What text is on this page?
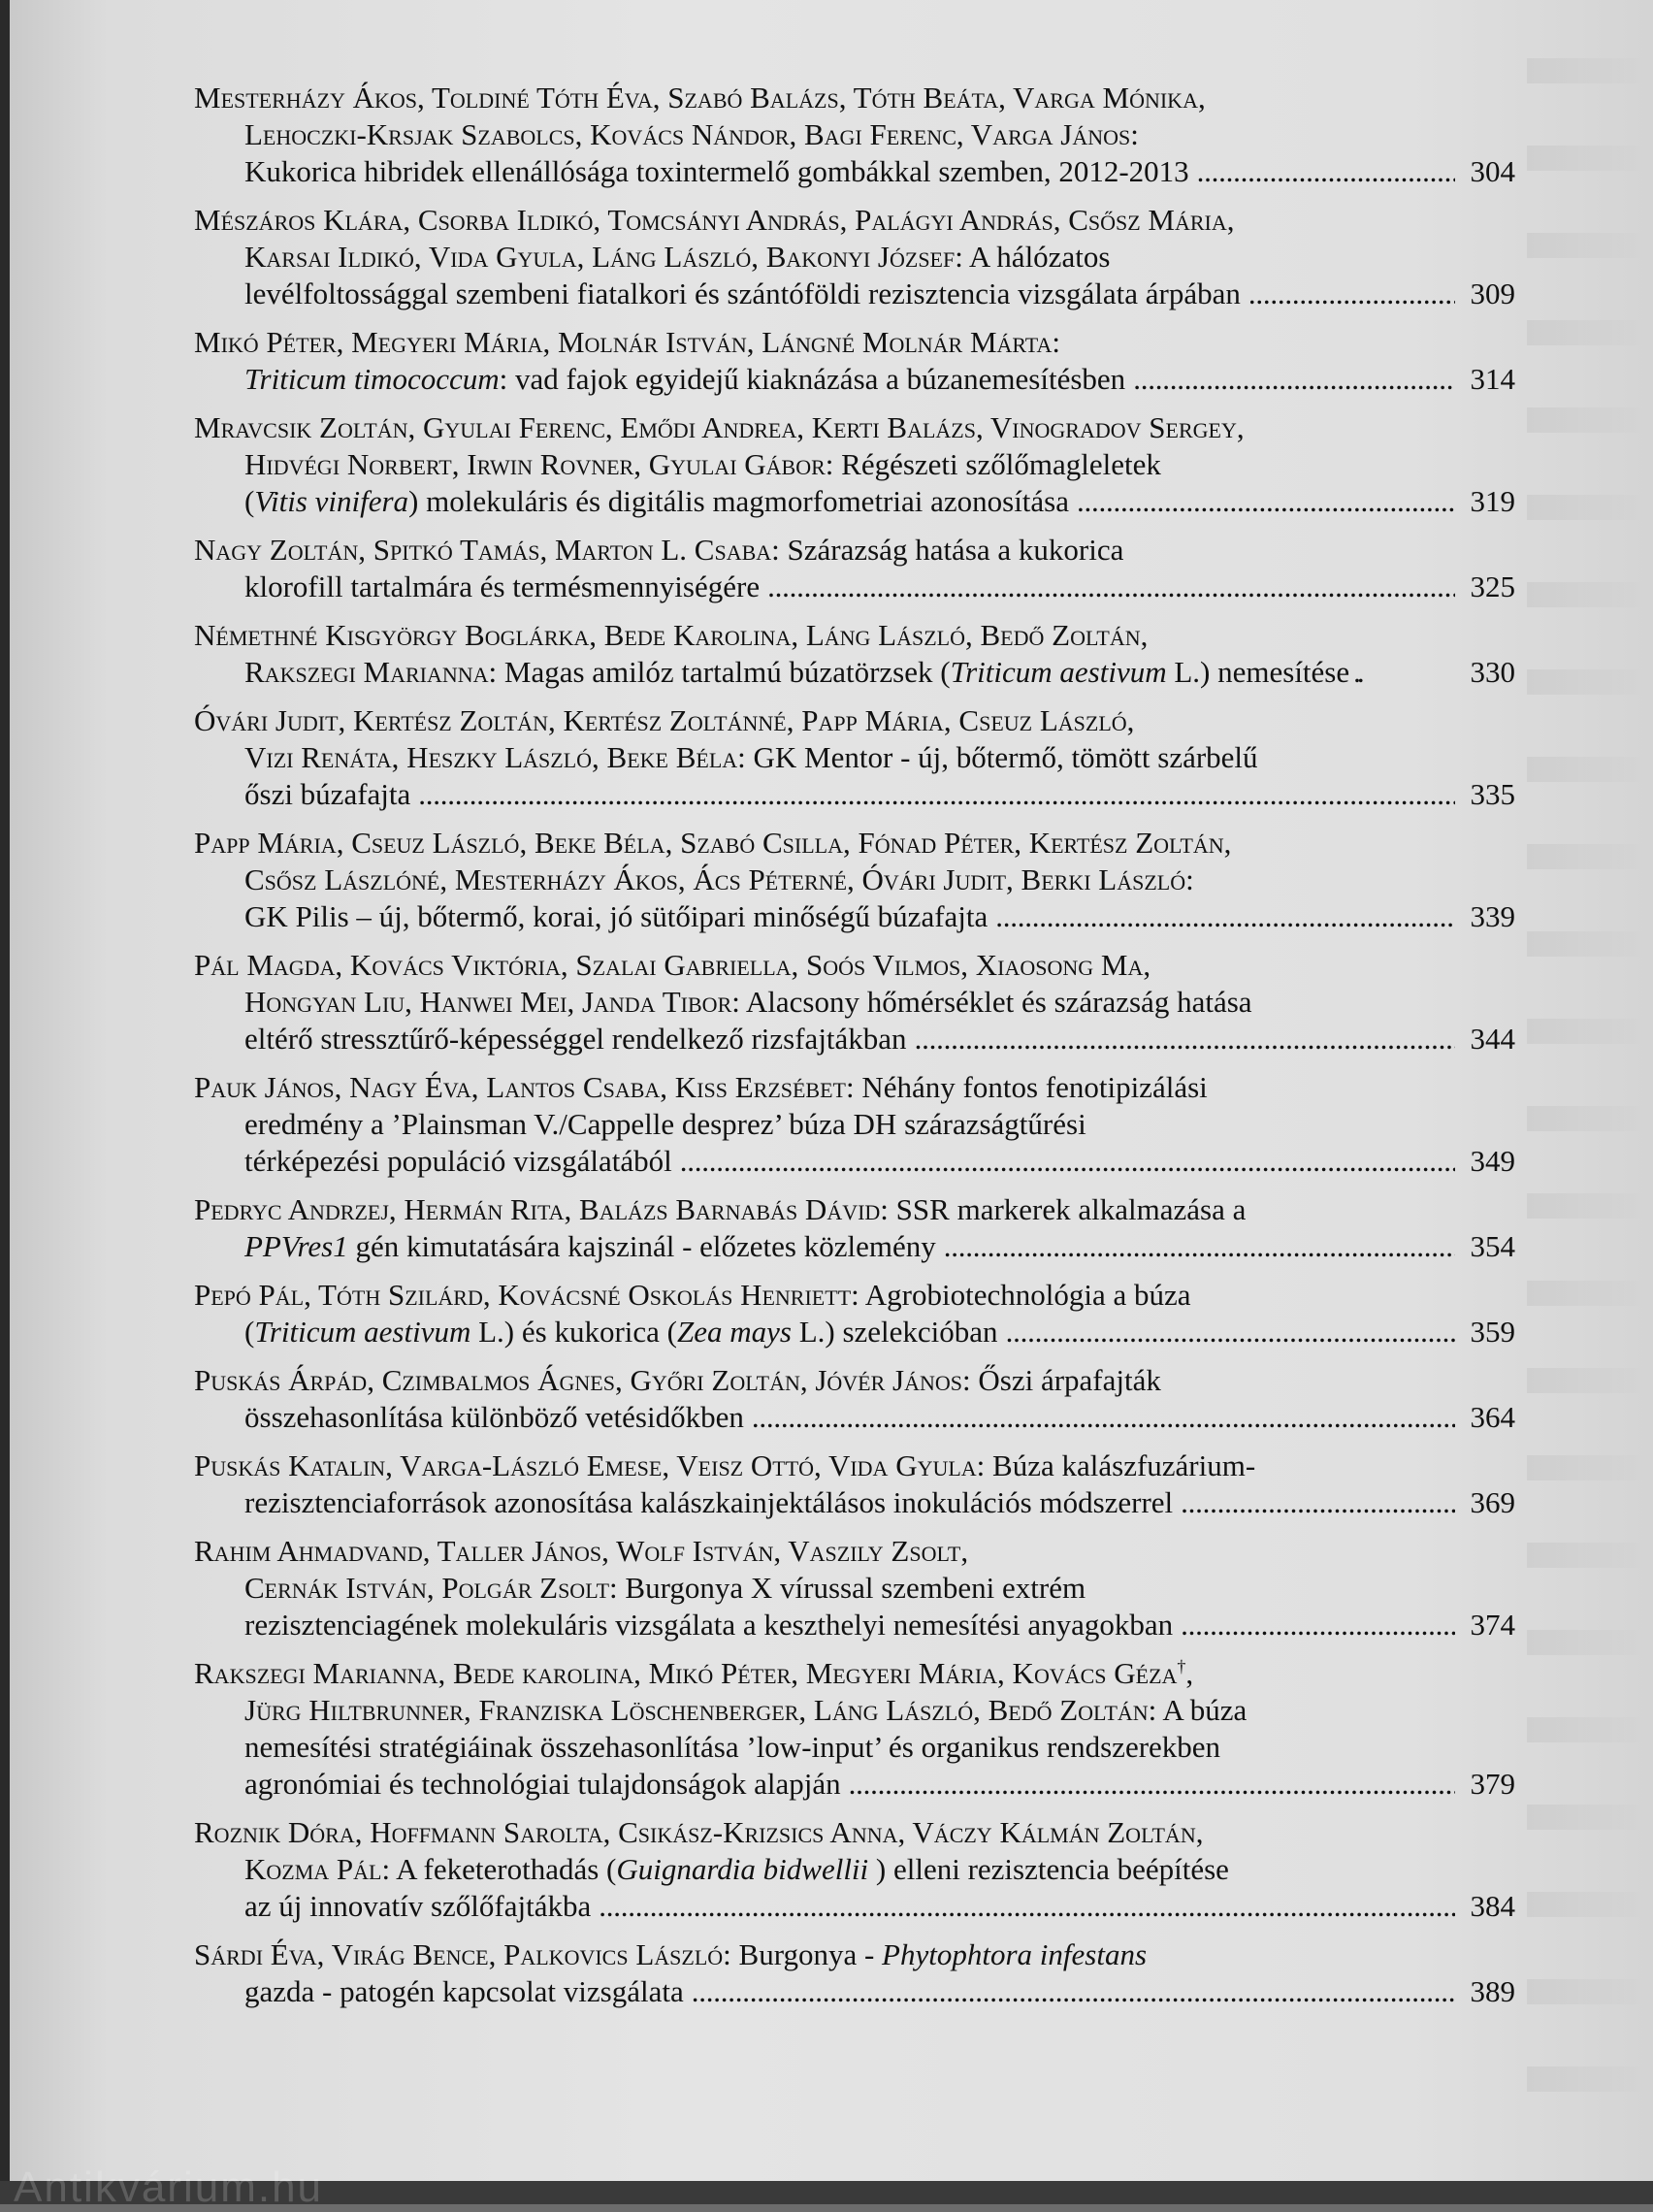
Mesterházy Ákos, Toldiné Tóth Éva, Szabó Balázs, Tóth Beáta, Varga Mónika,
Lehoczki-Krsjak Szabolcs, Kovács Nándor, Bagi Ferenc, Varga János:
Kukorica hibridek ellenállósága toxintermelő gombákkal szemben, 2012-2013 . . .	304
Mészáros Klára, Csorba Ildikó, Tomcsányi András, Palágyi András, Csősz Mária,
Karsai Ildikó, Vida Gyula, Láng László, Bakonyi József: A hálózatos
levélfoltossággal szembeni fiatalkori és szántóföldi rezisztencia vizsgálata árpában . . .	309
Mikó Péter, Megyeri Mária, Molnár István, Lángné Molnár Márta:
Triticum timococcum: vad fajok egyidejű kiaknázása a búzanemesítésben . . .	314
Mravcsik Zoltán, Gyulai Ferenc, Emődi Andrea, Kerti Balázs, Vinogradov Sergey,
Hidvégi Norbert, Irwin Rovner, Gyulai Gábor: Régészeti szőlőmagleletek
(Vitis vinifera) molekuláris és digitális magmorfometriai azonosítása . . .	319
Nagy Zoltán, Spitkó Tamás, Marton L. Csaba: Szárazság hatása a kukorica
klorofill tartalmára és termésmennyiségére . . .	325
Némethné Kisgyörgy Boglárka, Bede Karolina, Láng László, Bedő Zoltán,
Rakszegi Marianna: Magas amilóz tartalmú búzatörzsek (Triticum aestivum L.) nemesítése ..	330
Óvári Judit, Kertész Zoltán, Kertész Zoltánné, Papp Mária, Cseuz László,
Vizi Renáta, Heszky László, Beke Béla: GK Mentor - új, bőtermő, tömött szárbelű
őszi búzafajta . . .	335
Papp Mária, Cseuz László, Beke Béla, Szabó Csilla, Fónad Péter, Kertész Zoltán,
Csősz Lászlóné, Mesterházy Ákos, Ács Péterné, Óvári Judit, Berki László:
GK Pilis – új, bőtermő, korai, jó sütőipari minőségű búzafajta . . .	339
Pál Magda, Kovács Viktória, Szalai Gabriella, Soós Vilmos, Xiaosong Ma,
Hongyan Liu, Hanwei Mei, Janda Tibor: Alacsony hőmérséklet és szárazság hatása
eltérő stressztűrő-képességgel rendelkező rizsfajtákban . . .	344
Pauk János, Nagy Éva, Lantos Csaba, Kiss Erzsébet: Néhány fontos fenotipizálási
eredmény a ’Plainsman V./Cappelle desprez’ búza DH szárazságtűrési
térképezési populáció vizsgálatából . . .	349
Pedryc Andrzej, Hermán Rita, Balázs Barnabás Dávid: SSR markerek alkalmazása a
PPVres1 gén kimutatására kajszinál - előzetes közlemény . . .	354
Pepó Pál, Tóth Szilárd, Kovácsné Oskolás Henriett: Agrobiotechnológia a búza
(Triticum aestivum L.) és kukorica (Zea mays L.) szelekcióban . . .	359
Puskás Árpád, Czimbalmos Ágnes, Győri Zoltán, Jóvér János: Őszi árpafajták
összehasonlítása különböző vetésidőkben . . .	364
Puskás Katalin, Varga-László Emese, Veisz Ottó, Vida Gyula: Búza kalászfuzárium-
rezisztenciaforrások azonosítása kalászkainjektálásos inokulációs módszerrel . . .	369
Rahim Ahmadvand, Taller János, Wolf István, Vaszily Zsolt,
Cernák István, Polgár Zsolt: Burgonya X vírussal szembeni extrém
rezisztenciagének molekuláris vizsgálata a keszthelyi nemesítési anyagokban . . .	374
Rakszegi Marianna, Bede karolina, Mikó Péter, Megyeri Mária, Kovács Géza†,
Jürg Hiltbrunner, Franziska Löschenberger, Láng László, Bedő Zoltán: A búza
nemesítési stratégiáinak összehasonlítása ’low-input’ és organikus rendszerekben
agronómiai és technológiai tulajdonságok alapján . . .	379
Roznik Dóra, Hoffmann Sarolta, Csikász-Krizsics Anna, Váczy Kálmán Zoltán,
Kozma Pál: A feketerothadás (Guignardia bidwellii ) elleni rezisztencia beépítése
az új innovatív szőlőfajtákba . . .	384
Sárdi Éva, Virág Bence, Palkovics László: Burgonya - Phytophtora infestans
gazda - patogén kapcsolat vizsgálata . . .	389
Antikvárium.hu
